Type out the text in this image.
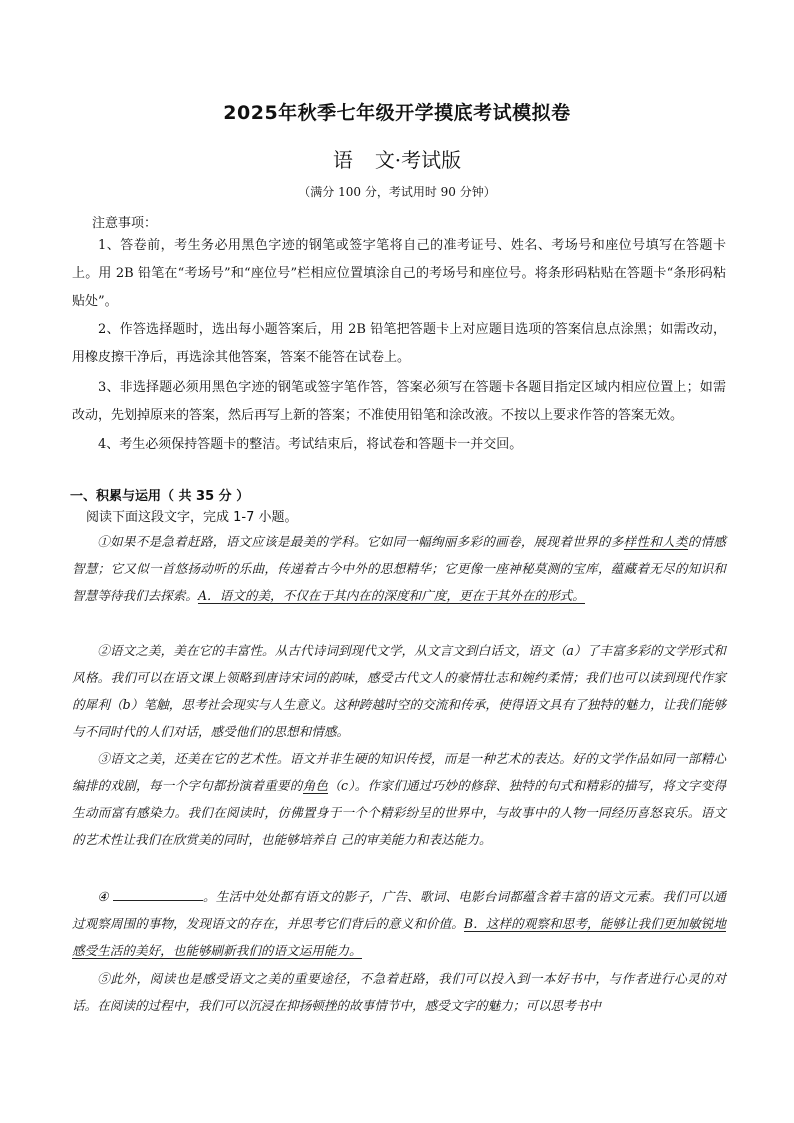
2025年秋季七年级开学摸底考试模拟卷
语 文·考试版
（满分 100 分，考试用时 90 分钟）
注意事项：
1、答卷前，考生务必用黑色字迹的钢笔或签字笔将自己的准考证号、姓名、考场号和座位号填写在答题卡上。用 2B 铅笔在“考场号”和“座位号”栏相应位置填涂自己的考场号和座位号。将条形码粘贴在答题卡“条形码粘贴处”。
2、作答选择题时，选出每小题答案后，用 2B 铅笔把答题卡上对应题目选项的答案信息点涂黑；如需改动，用橡皮擦干净后，再选涂其他答案，答案不能答在试卷上。
3、非选择题必须用黑色字迹的钢笔或签字笔作答，答案必须写在答题卡各题目指定区域内相应位置上；如需改动，先划掉原来的答案，然后再写上新的答案；不准使用铅笔和涂改液。不按以上要求作答的答案无效。
4、考生必须保持答题卡的整洁。考试结束后，将试卷和答题卡一并交回。
一、积累与运用（ 共 35 分 ）
阅读下面这段文字，完成 1-7 小题。
①如果不是急着赶路，语文应该是最美的学科。它如同一幅绚丽多彩的画卷，展现着世界的多样性和人类的情感智慧；它又似一首悠扬动听的乐曲，传递着古今中外的思想精华；它更像一座神秘莫测的宝库，蕴藏着无尽的知识和智慧等待我们去探索。A．语文的美，不仅在于其内在的深度和广度，更在于其外在的形式。
②语文之美，美在它的丰富性。从古代诗词到现代文学，从文言文到白话文，语文（a）了丰富多彩的文学形式和风格。我们可以在语文课上领略到唐诗宋词的韵味，感受古代文人的豪情壮志和婉约柔情；我们也可以读到现代作家的犀利（b）笔触，思考社会现实与人生意义。这种跨越时空的交流和传承，使得语文具有了独特的魅力，让我们能够与不同时代的人们对话，感受他们的思想和情感。
③语文之美，还美在它的艺术性。语文并非生硬的知识传授，而是一种艺术的表达。好的文学作品如同一部精心编排的戏剧，每一个字句都扮演着重要的角色（c）。作家们通过巧妙的修辞、独特的句式和精彩的描写，将文字变得生动而富有感染力。我们在阅读时，仿佛置身于一个个精彩纷呈的世界中，与故事中的人物一同经历喜怒哀乐。语文的艺术性让我们在欣赏美的同时，也能够培养自 己的审美能力和表达能力。
④	。生活中处处都有语文的影子，广告、歌词、电影台词都蕴含着丰富的语文元素。我们可以通过观察周围的事物，发现语文的存在，并思考它们背后的意义和价值。B．这样的观察和思考，能够让我们更加敏锐地感受生活的美好，也能够刷新我们的语文运用能力。
⑤此外，阅读也是感受语文之美的重要途径，不急着赶路，我们可以投入到一本好书中，与作者进行心灵的对话。在阅读的过程中，我们可以沉浸在抑扬顿挫的故事情节中，感受文字的魅力；可以思考书中
